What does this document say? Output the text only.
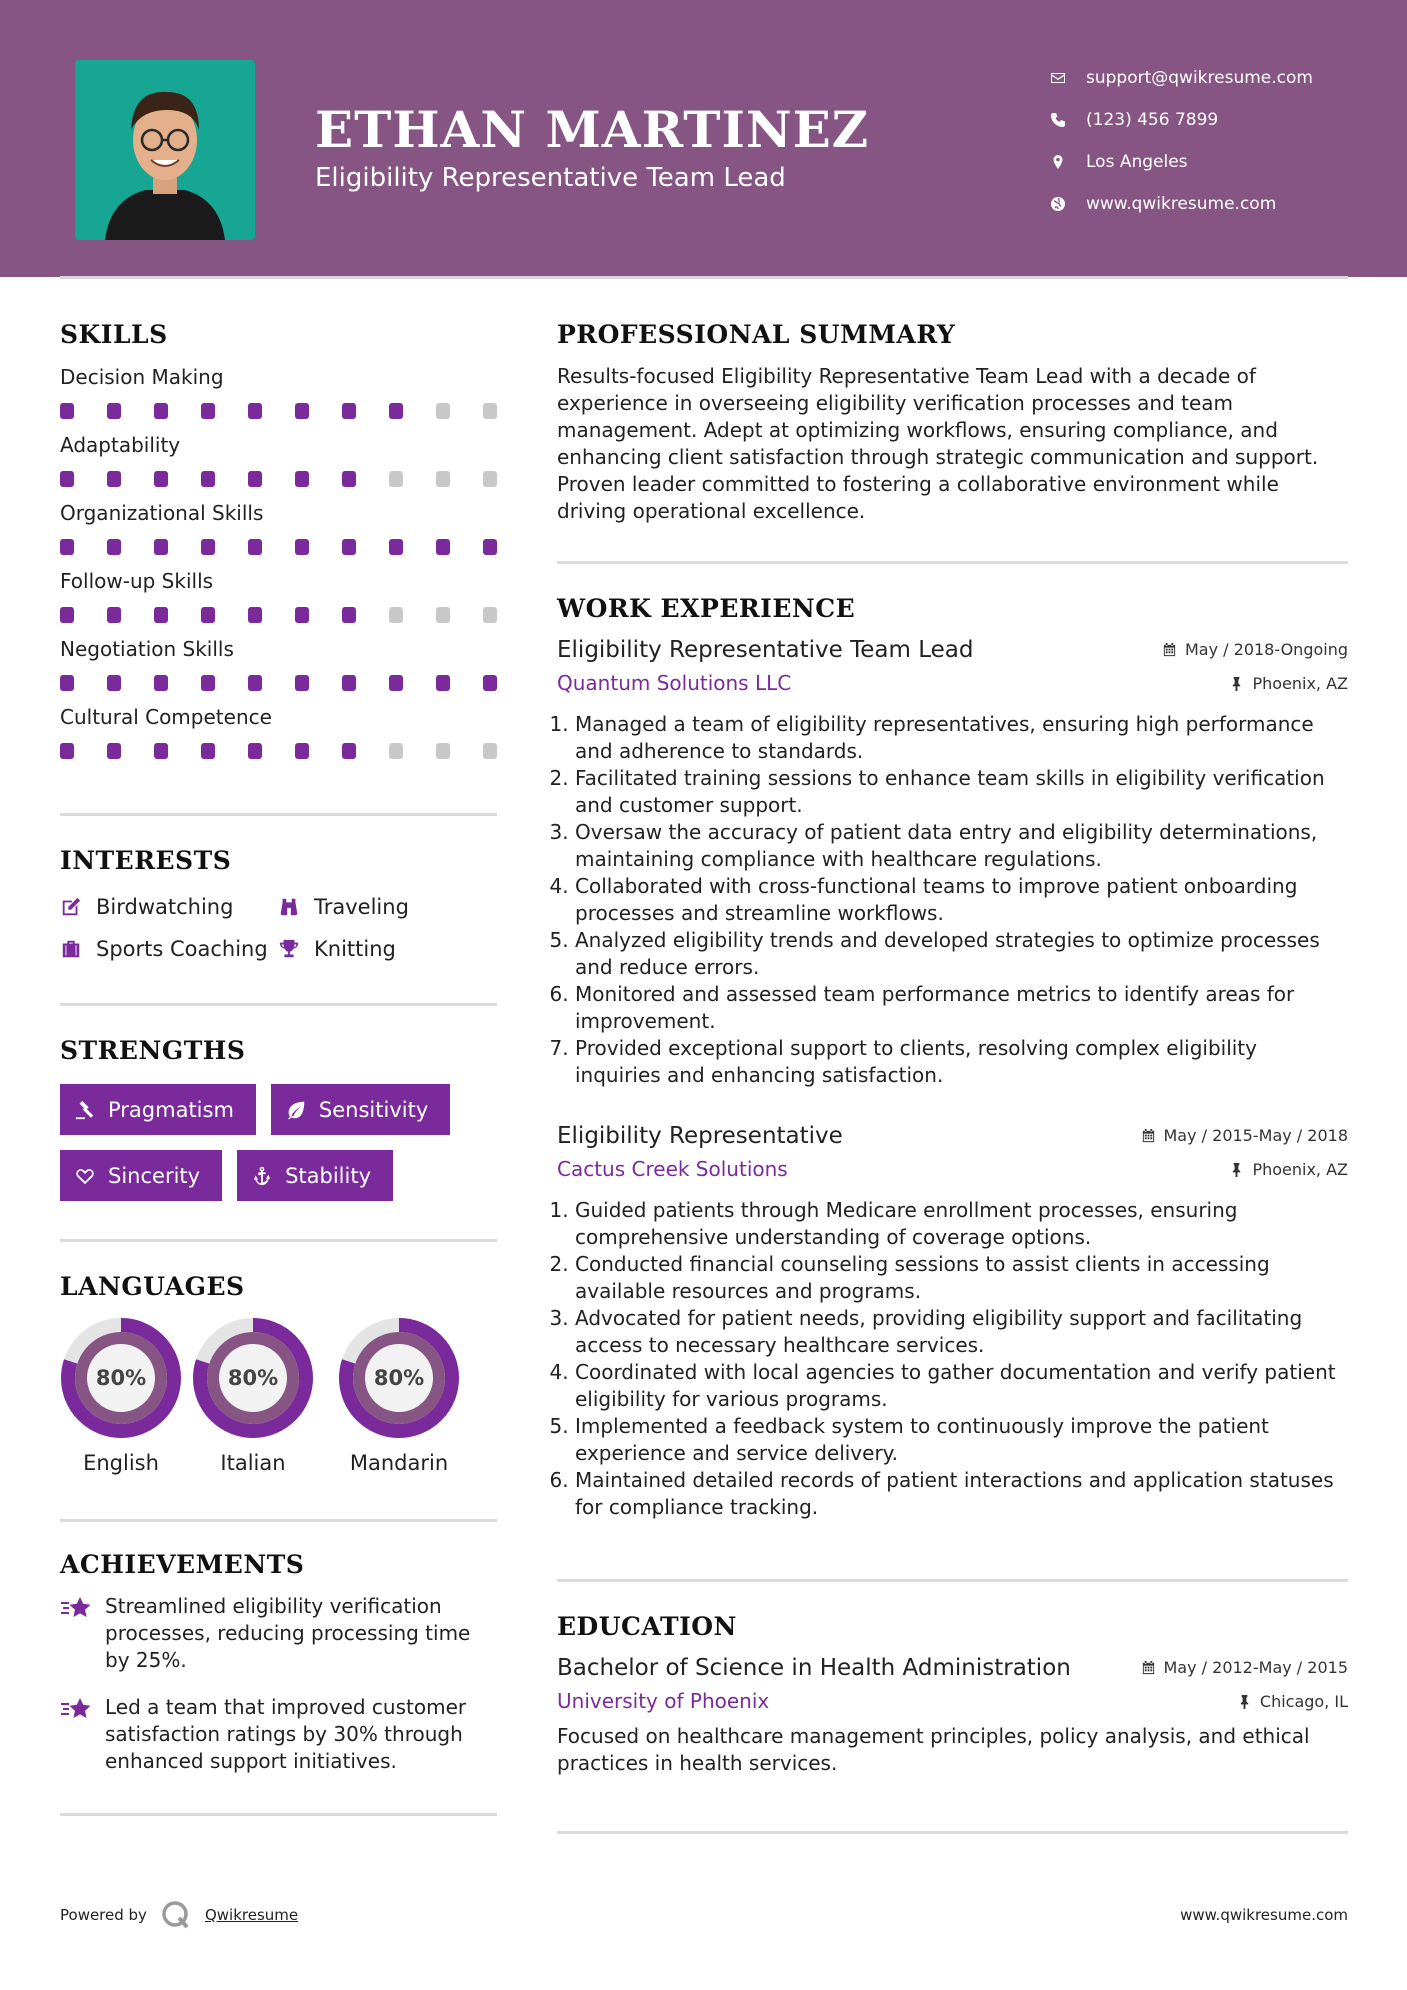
ETHAN MARTINEZ
Eligibility Representative Team Lead
support@qwikresume.com
(123) 456 7899
Los Angeles
www.qwikresume.com
SKILLS
Decision Making
Adaptability
Organizational Skills
Follow-up Skills
Negotiation Skills
Cultural Competence
INTERESTS
Birdwatching	Traveling
Sports Coaching Knitting
STRENGTHS
Pragmatism	Sensitivity
Sincerity	Stability
LANGUAGES
80%
English
80%
Italian
80%
Mandarin
ACHIEVEMENTS
Streamlined eligibility verification processes, reducing processing time by 25%.
Led a team that improved customer satisfaction ratings by 30% through enhanced support initiatives.
PROFESSIONAL SUMMARY
Results-focused Eligibility Representative Team Lead with a decade of experience in overseeing eligibility verification processes and team management. Adept at optimizing workflows, ensuring compliance, and enhancing client satisfaction through strategic communication and support. Proven leader committed to fostering a collaborative environment while driving operational excellence.
WORK EXPERIENCE
Eligibility Representative Team Lead	May / 2018-Ongoing
Quantum Solutions LLC	Phoenix, AZ
1. Managed a team of eligibility representatives, ensuring high performance and adherence to standards.
2. Facilitated training sessions to enhance team skills in eligibility verification and customer support.
3. Oversaw the accuracy of patient data entry and eligibility determinations, maintaining compliance with healthcare regulations.
4. Collaborated with cross-functional teams to improve patient onboarding processes and streamline workflows.
5. Analyzed eligibility trends and developed strategies to optimize processes and reduce errors.
6. Monitored and assessed team performance metrics to identify areas for improvement.
7. Provided exceptional support to clients, resolving complex eligibility inquiries and enhancing satisfaction.
Eligibility Representative	May / 2015-May / 2018
Cactus Creek Solutions	Phoenix, AZ
1. Guided patients through Medicare enrollment processes, ensuring comprehensive understanding of coverage options.
2. Conducted financial counseling sessions to assist clients in accessing available resources and programs.
3. Advocated for patient needs, providing eligibility support and facilitating access to necessary healthcare services.
4. Coordinated with local agencies to gather documentation and verify patient eligibility for various programs.
5. Implemented a feedback system to continuously improve the patient experience and service delivery.
6. Maintained detailed records of patient interactions and application statuses for compliance tracking.
EDUCATION
Bachelor of Science in Health Administration	May / 2012-May / 2015
University of Phoenix	Chicago, IL
Focused on healthcare management principles, policy analysis, and ethical practices in health services.
Powered by	Qwikresume	www.qwikresume.com
